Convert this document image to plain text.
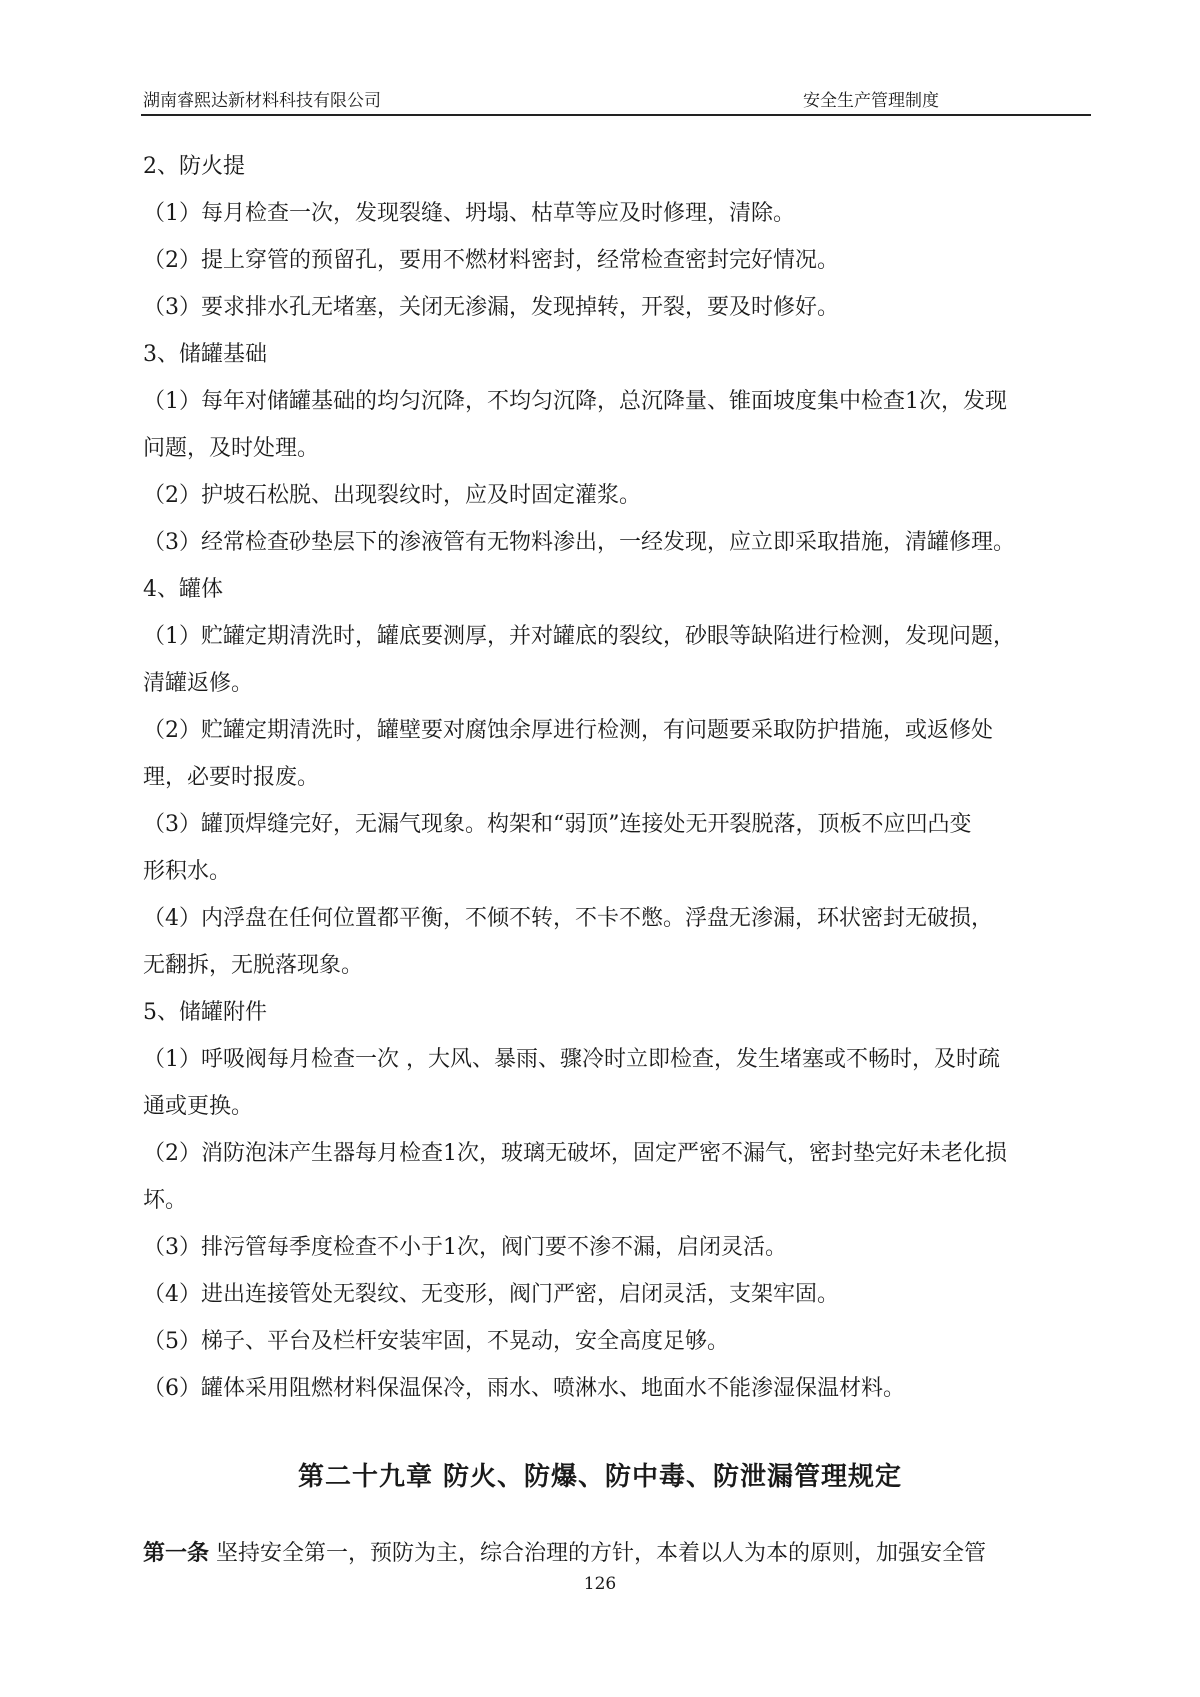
湖南睿熙达新材料科技有限公司	安全生产管理制度
2、防火提
（1）每月检查一次，发现裂缝、坍塌、枯草等应及时修理，清除。
（2）提上穿管的预留孔，要用不燃材料密封，经常检查密封完好情况。
（3）要求排水孔无堵塞，关闭无渗漏，发现掉转，开裂，要及时修好。
3、储罐基础
（1）每年对储罐基础的均匀沉降，不均匀沉降，总沉降量、锥面坡度集中检查1次，发现
问题，及时处理。
（2）护坡石松脱、出现裂纹时，应及时固定灌浆。
（3）经常检查砂垫层下的渗液管有无物料渗出，一经发现，应立即采取措施，清罐修理。
4、罐体
（1）贮罐定期清洗时，罐底要测厚，并对罐底的裂纹，砂眼等缺陷进行检测，发现问题，
清罐返修。
（2）贮罐定期清洗时，罐壁要对腐蚀余厚进行检测，有问题要采取防护措施，或返修处
理，必要时报废。
（3）罐顶焊缝完好，无漏气现象。构架和“弱顶”连接处无开裂脱落，顶板不应凹凸变
形积水。
（4）内浮盘在任何位置都平衡，不倾不转，不卡不憋。浮盘无渗漏，环状密封无破损，
无翻拆，无脱落现象。
5、储罐附件
（1）呼吸阀每月检查一次 ，大风、暴雨、骤冷时立即检查，发生堵塞或不畅时，及时疏
通或更换。
（2）消防泡沫产生器每月检查1次，玻璃无破坏，固定严密不漏气，密封垫完好未老化损
坏。
（3）排污管每季度检查不小于1次，阀门要不渗不漏，启闭灵活。
（4）进出连接管处无裂纹、无变形，阀门严密，启闭灵活，支架牢固。
（5）梯子、平台及栏杆安装牢固，不晃动，安全高度足够。
（6）罐体采用阻燃材料保温保冷，雨水、喷淋水、地面水不能渗湿保温材料。
第二十九章 防火、防爆、防中毒、防泄漏管理规定
第一条 坚持安全第一，预防为主，综合治理的方针，本着以人为本的原则，加强安全管
126
